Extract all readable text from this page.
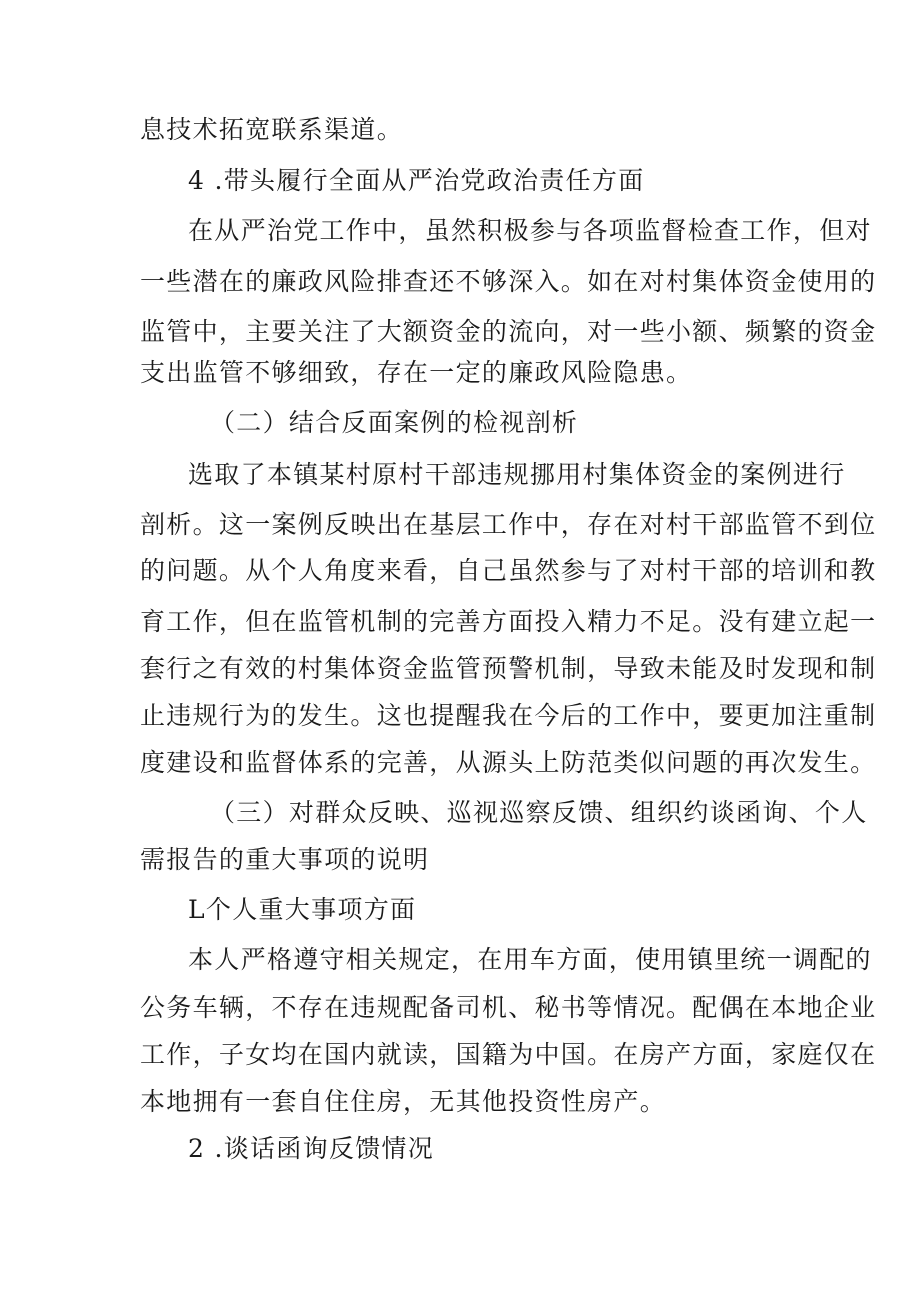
息技术拓宽联系渠道。
4 .带头履行全面从严治党政治责任方面
在从严治党工作中，虽然积极参与各项监督检查工作，但对
一些潜在的廉政风险排查还不够深入。如在对村集体资金使用的
监管中，主要关注了大额资金的流向，对一些小额、频繁的资金
支出监管不够细致，存在一定的廉政风险隐患。
（二）结合反面案例的检视剖析
选取了本镇某村原村干部违规挪用村集体资金的案例进行
剖析。这一案例反映出在基层工作中，存在对村干部监管不到位
的问题。从个人角度来看，自己虽然参与了对村干部的培训和教
育工作，但在监管机制的完善方面投入精力不足。没有建立起一
套行之有效的村集体资金监管预警机制，导致未能及时发现和制
止违规行为的发生。这也提醒我在今后的工作中，要更加注重制
度建设和监督体系的完善，从源头上防范类似问题的再次发生。
（三）对群众反映、巡视巡察反馈、组织约谈函询、个人
需报告的重大事项的说明
L个人重大事项方面
本人严格遵守相关规定，在用车方面，使用镇里统一调配的
公务车辆，不存在违规配备司机、秘书等情况。配偶在本地企业
工作，子女均在国内就读，国籍为中国。在房产方面，家庭仅在
本地拥有一套自住住房，无其他投资性房产。
2 .谈话函询反馈情况
